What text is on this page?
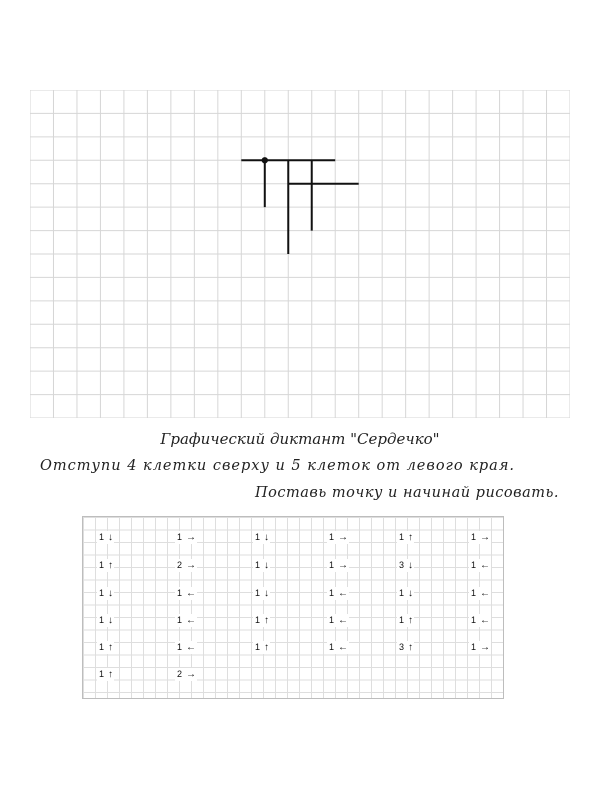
Графический диктант "Сердечко"
Отступи 4 клетки сверху и 5 клеток от левого края.
Поставь точку и начинай рисовать.
1 ↓
1 ↑
1 ↓
1 ↓
1 ↑
1 ↑
1 →
2 →
1 ←
1 ←
1 ←
2 →
1 ↓
1 ↓
1 ↓
1 ↑
1 ↑
1 →
1 →
1 ←
1 ←
1 ←
1 ↑
3 ↓
1 ↓
1 ↑
3 ↑
1 →
1 ←
1 ←
1 ←
1 →
